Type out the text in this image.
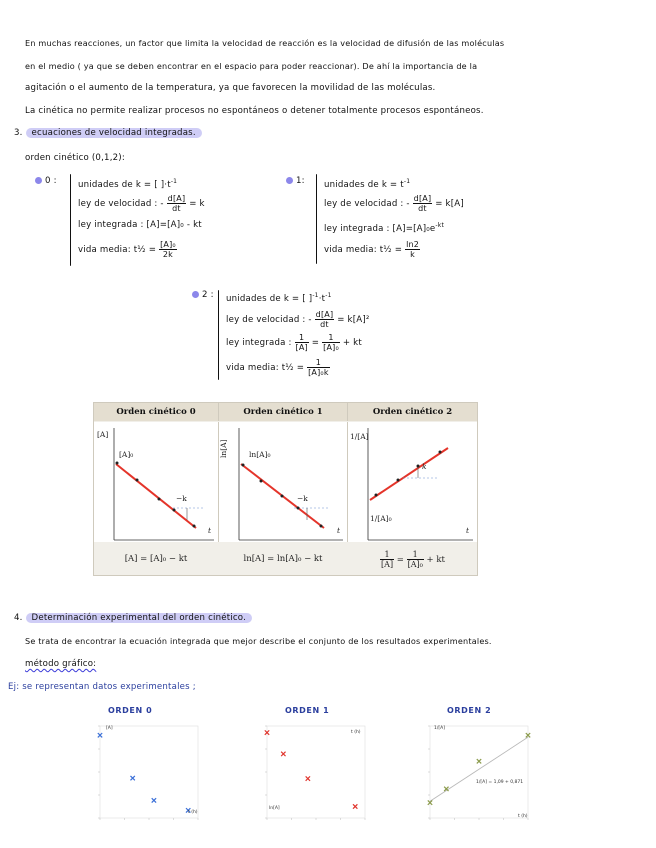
En muchas reacciones, un factor que limita la velocidad de reacción es la velocidad de difusión de las moléculas
en el medio ( ya que se deben encontrar en el espacio para poder reaccionar). De ahí la importancia de la
agitación o el aumento de la temperatura, ya que favorecen la movilidad de las moléculas.
La cinética no permite realizar procesos no espontáneos o detener totalmente procesos espontáneos.
3. ecuaciones de velocidad integradas.
orden cinético (0,1,2):
0 : unidades de k = [ ]$\cdot t^{-1}$
ley de velocidad : - $\frac{d[A]}{dt} = k$
ley integrada : [A]=[A]₀ - kt
vida media: t½ = $\frac{\text{[A]₀}}{2k}$
1: unidades de $k = t^{-1}$
ley de velocidad : - $\frac{d[A]}{dt} = k[A]$
ley integrada : $[A]=[A]_0e^{-kt}$
vida media: t½ = $\frac{\ln 2}{k}$
2 : unidades de k = [ ]$^{-1}\cdot t^{-1}$
ley de velocidad : - $\frac{d[A]}{dt} = k[A]^2$
ley integrada : $\frac{1}{[A]} = \frac{1}{\text{[A]₀}}$ + kt
vida media: t½ = $\frac{1}{\text{[A]₀k}}$
Orden cinético 0	Orden cinético 1	Orden cinético 2
[A]
[A]₀
−k
t
ln[A]	ln[A]₀
−k
t
1/[A]
1/[A]₀
k
t
[A] = [A]₀ − kt	ln[A] = ln[A]₀ − kt	$\frac{1}{[A]} = \frac{1}{\text{[A]₀}}$ + kt
4. Determinación experimental del orden cinético.
Se trata de encontrar la ecuación integrada que mejor describe el conjunto de los resultados experimentales.
método gráfico:
Ej: se representan datos experimentales ;
ORDEN 0	ORDEN 1	ORDEN 2
[A]
t (h)
ln[A]
t (h)
1/[A]
t (h)
1/[A] = 1,09 + 0,871
